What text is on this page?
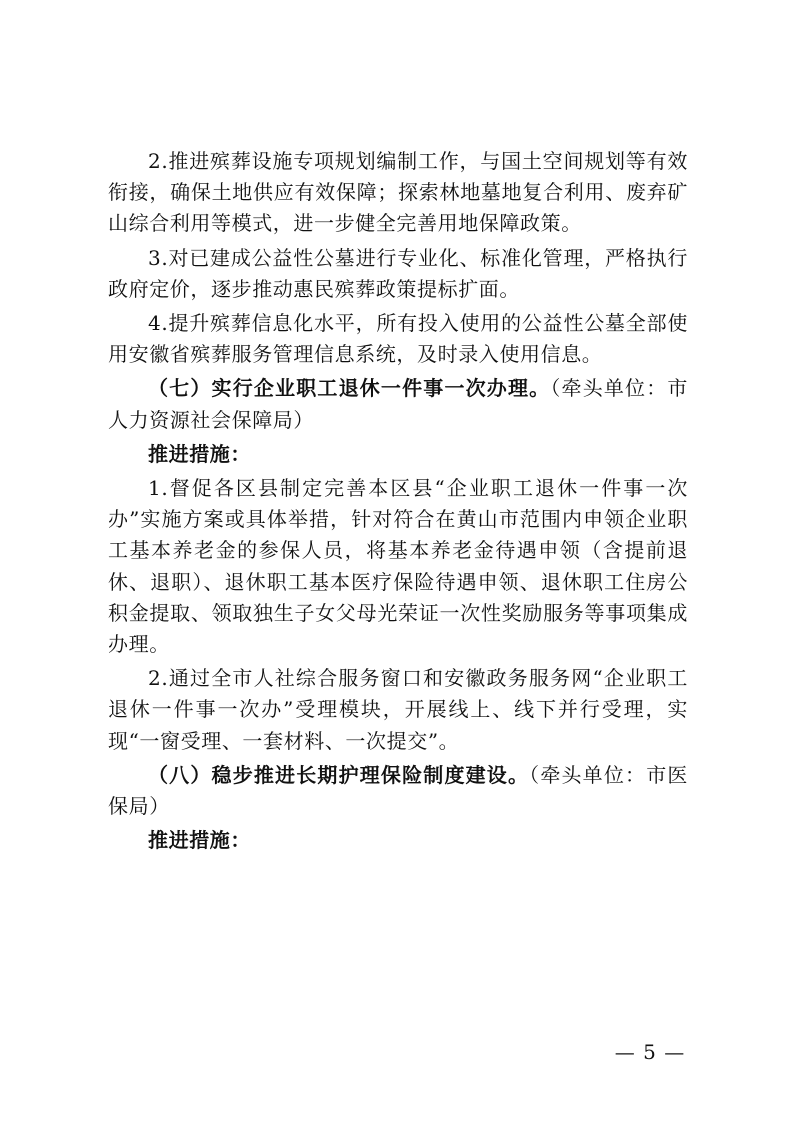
2.推进殡葬设施专项规划编制工作，与国土空间规划等有效衔接，确保土地供应有效保障；探索林地墓地复合利用、废弃矿山综合利用等模式，进一步健全完善用地保障政策。

3.对已建成公益性公墓进行专业化、标准化管理，严格执行政府定价，逐步推动惠民殡葬政策提标扩面。

4.提升殡葬信息化水平，所有投入使用的公益性公墓全部使用安徽省殡葬服务管理信息系统，及时录入使用信息。

（七）实行企业职工退休一件事一次办理。（牵头单位：市人力资源社会保障局）

推进措施：

1.督促各区县制定完善本区县“企业职工退休一件事一次办”实施方案或具体举措，针对符合在黄山市范围内申领企业职工基本养老金的参保人员，将基本养老金待遇申领（含提前退休、退职）、退休职工基本医疗保险待遇申领、退休职工住房公积金提取、领取独生子女父母光荣证一次性奖励服务等事项集成办理。

2.通过全市人社综合服务窗口和安徽政务服务网“企业职工退休一件事一次办”受理模块，开展线上、线下并行受理，实现“一窗受理、一套材料、一次提交”。

（八）稳步推进长期护理保险制度建设。（牵头单位：市医保局）

推进措施：

— 5 —
